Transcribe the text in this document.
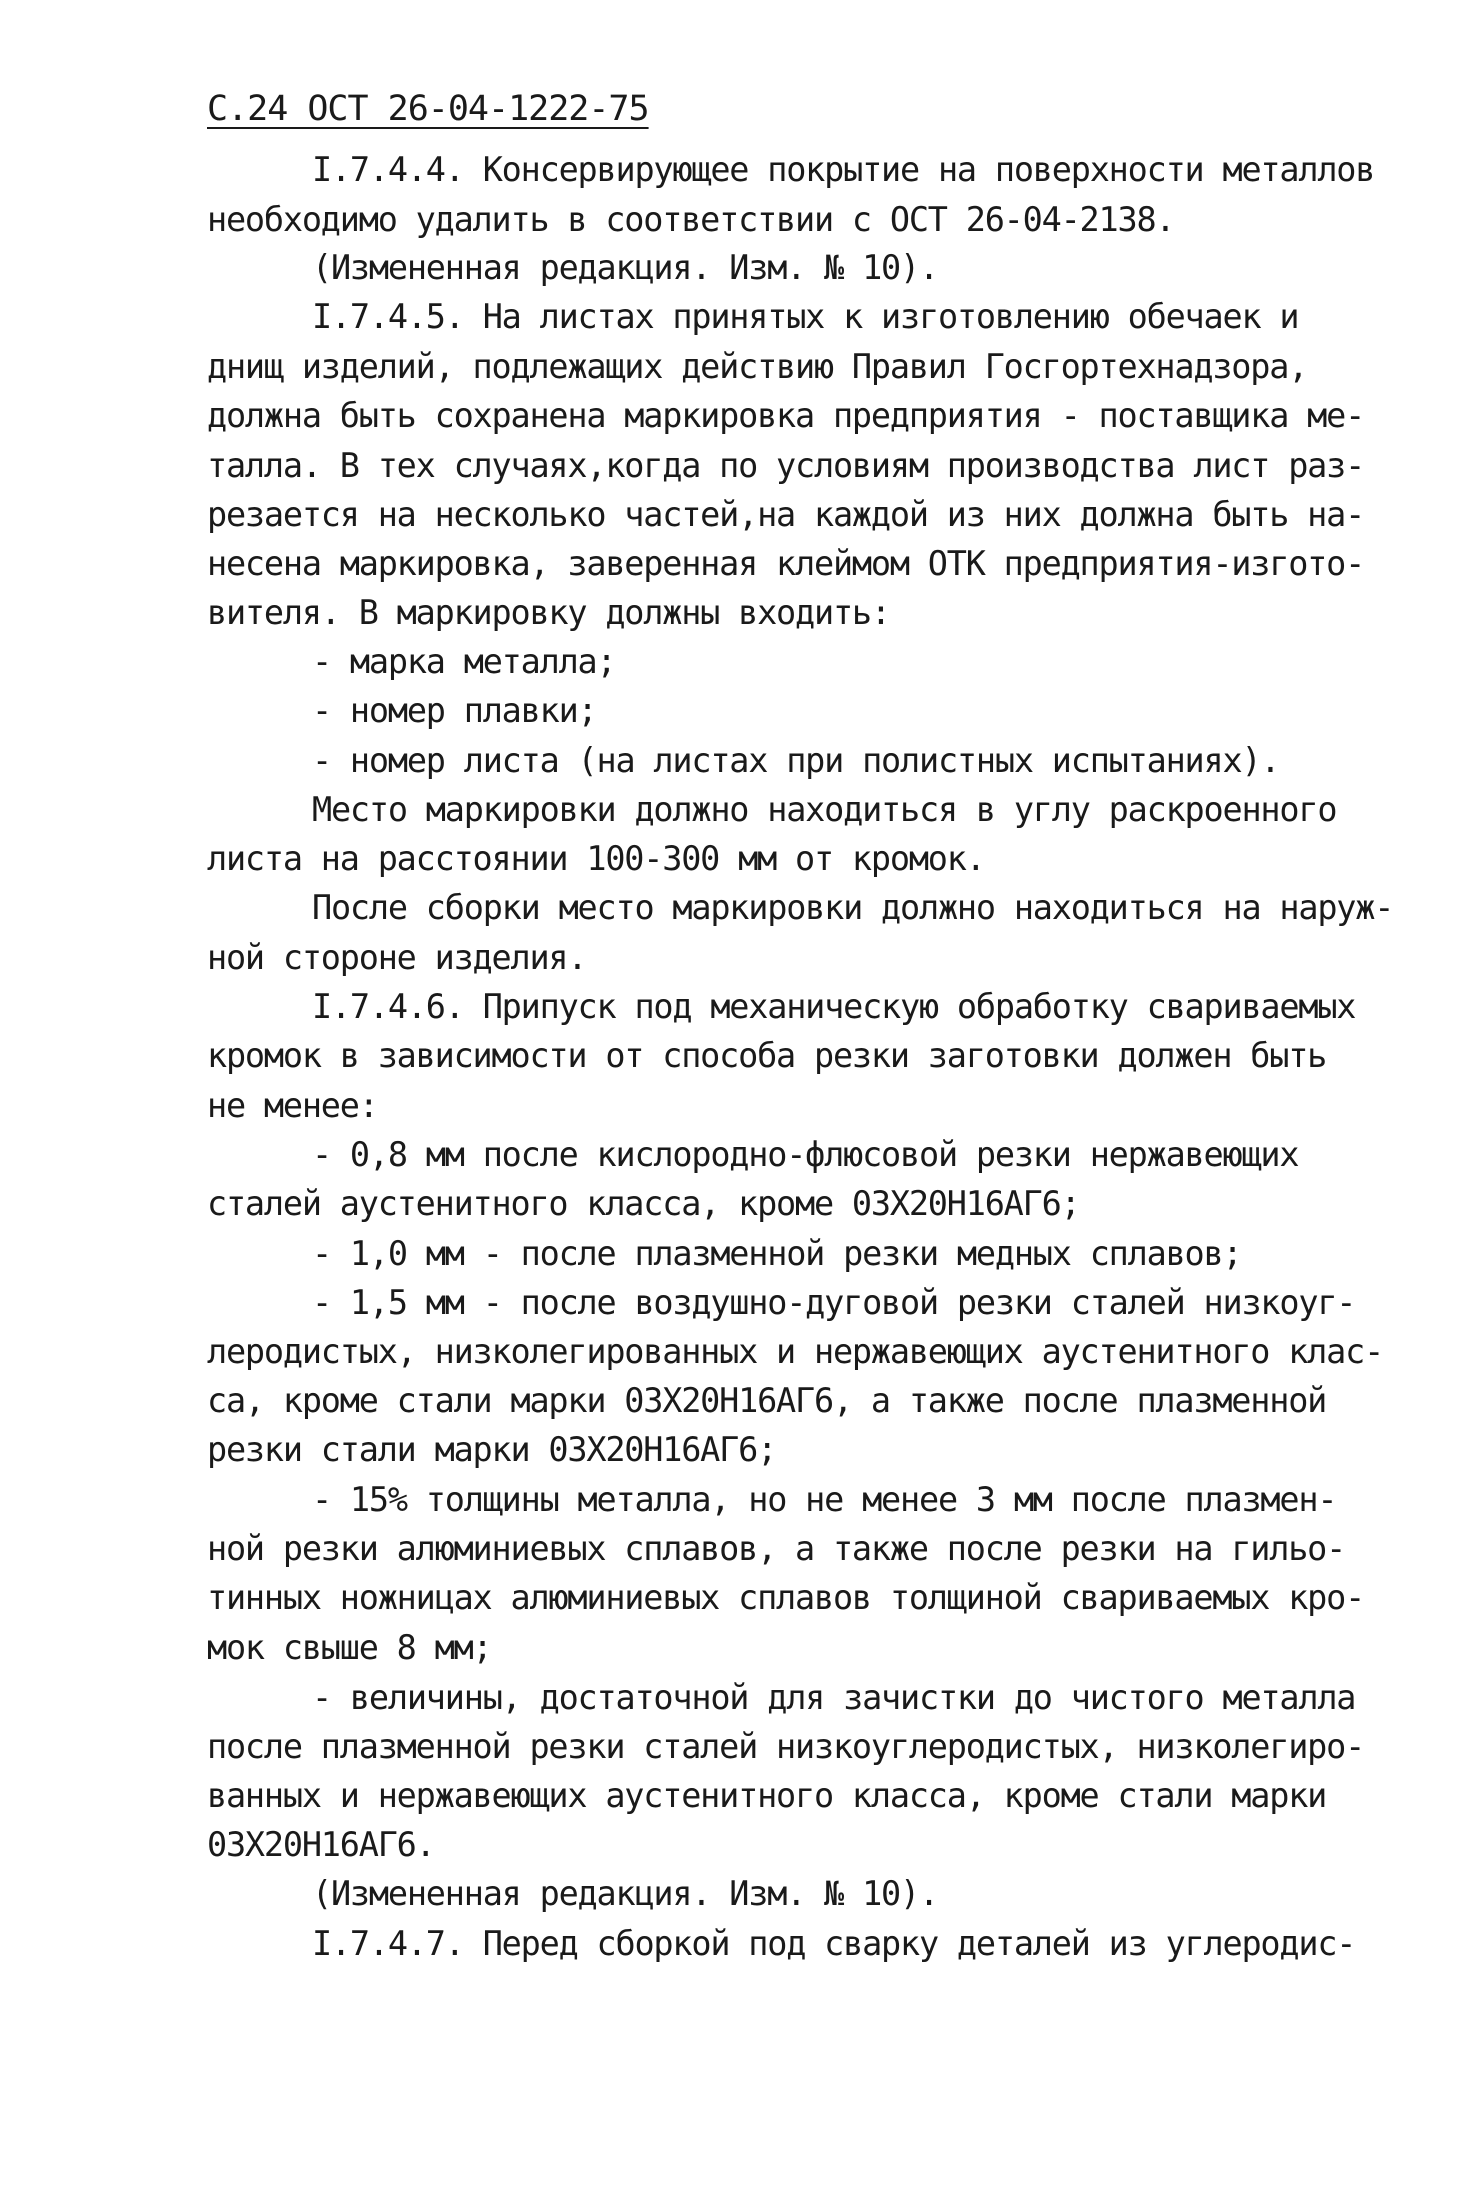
С.24 ОСТ 26-04-1222-75
I.7.4.4. Консервирующее покрытие на поверхности металлов
необходимо удалить в соответствии с ОСТ 26-04-2138.
(Измененная редакция. Изм. № 10).
I.7.4.5. На листах принятых к изготовлению обечаек и
днищ изделий, подлежащих действию Правил Госгортехнадзора,
должна быть сохранена маркировка предприятия - поставщика ме-
талла. В тех случаях,когда по условиям производства лист раз-
резается на несколько частей,на каждой из них должна быть на-
несена маркировка, заверенная клеймом ОТК предприятия-изгото-
вителя. В маркировку должны входить:
- марка металла;
- номер плавки;
- номер листа (на листах при полистных испытаниях).
Место маркировки должно находиться в углу раскроенного
листа на расстоянии 100-300 мм от кромок.
После сборки место маркировки должно находиться на наруж-
ной стороне изделия.
I.7.4.6. Припуск под механическую обработку свариваемых
кромок в зависимости от способа резки заготовки должен быть
не менее:
- 0,8 мм после кислородно-флюсовой резки нержавеющих
сталей аустенитного класса, кроме 03Х20Н16АГ6;
- 1,0 мм - после плазменной резки медных сплавов;
- 1,5 мм - после воздушно-дуговой резки сталей низкоуг-
леродистых, низколегированных и нержавеющих аустенитного клас-
са, кроме стали марки 03Х20Н16АГ6, а также после плазменной
резки стали марки 03Х20Н16АГ6;
- 15% толщины металла, но не менее 3 мм после плазмен-
ной резки алюминиевых сплавов, а также после резки на гильо-
тинных ножницах алюминиевых сплавов толщиной свариваемых кро-
мок свыше 8 мм;
- величины, достаточной для зачистки до чистого металла
после плазменной резки сталей низкоуглеродистых, низколегиро-
ванных и нержавеющих аустенитного класса, кроме стали марки
03Х20Н16АГ6.
(Измененная редакция. Изм. № 10).
I.7.4.7. Перед сборкой под сварку деталей из углеродис-
